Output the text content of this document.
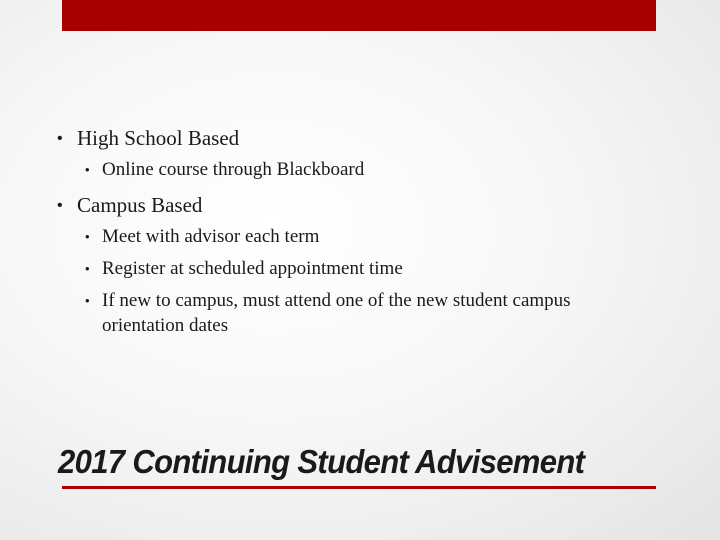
• High School Based
• Online course through Blackboard
• Campus Based
• Meet with advisor each term
• Register at scheduled appointment time
• If new to campus, must attend one of the new student campus orientation dates
2017 Continuing Student Advisement
